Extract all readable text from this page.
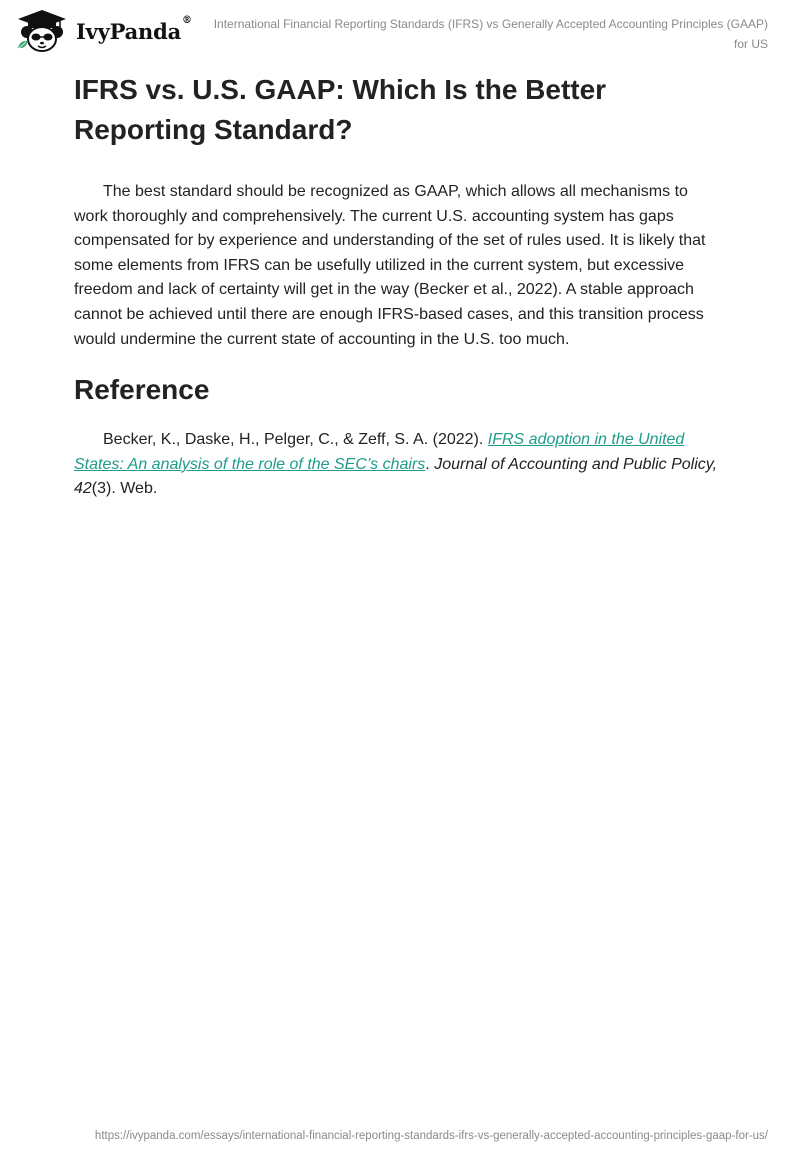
IvyPanda®	International Financial Reporting Standards (IFRS) vs Generally Accepted Accounting Principles (GAAP) for US
IFRS vs. U.S. GAAP: Which Is the Better Reporting Standard?

The best standard should be recognized as GAAP, which allows all mechanisms to work thoroughly and comprehensively. The current U.S. accounting system has gaps compensated for by experience and understanding of the set of rules used. It is likely that some elements from IFRS can be usefully utilized in the current system, but excessive freedom and lack of certainty will get in the way (Becker et al., 2022). A stable approach cannot be achieved until there are enough IFRS-based cases, and this transition process would undermine the current state of accounting in the U.S. too much.

Reference

Becker, K., Daske, H., Pelger, C., & Zeff, S. A. (2022). IFRS adoption in the United States: An analysis of the role of the SEC’s chairs. Journal of Accounting and Public Policy, 42(3). Web.

https://ivypanda.com/essays/international-financial-reporting-standards-ifrs-vs-generally-accepted-accounting-principles-gaap-for-us/
